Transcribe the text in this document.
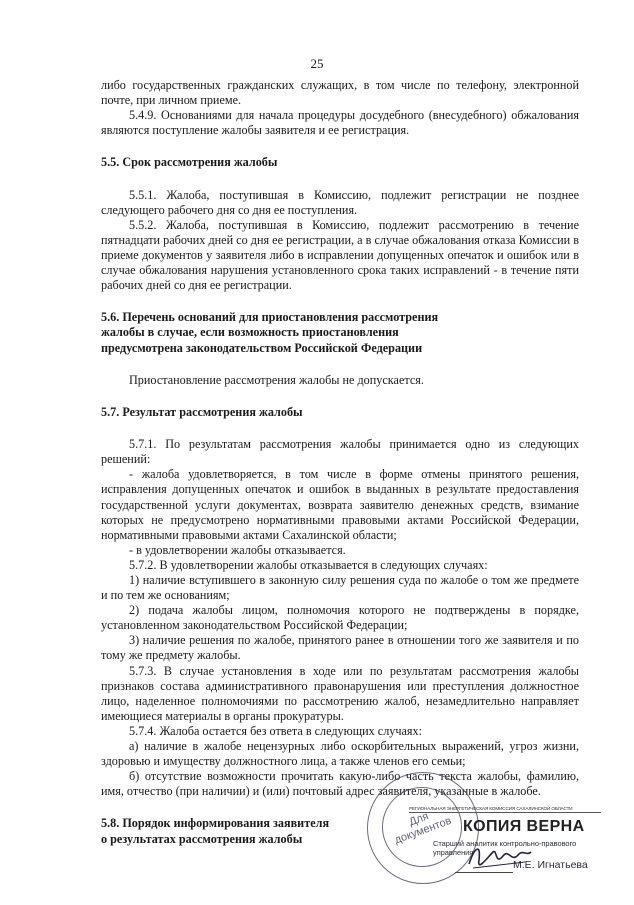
25

либо государственных гражданских служащих, в том числе по телефону, электронной почте, при личном приеме.

5.4.9. Основаниями для начала процедуры досудебного (внесудебного) обжалования являются поступление жалобы заявителя и ее регистрация.

5.5. Срок рассмотрения жалобы

5.5.1. Жалоба, поступившая в Комиссию, подлежит регистрации не позднее следующего рабочего дня со дня ее поступления.

5.5.2. Жалоба, поступившая в Комиссию, подлежит рассмотрению в течение пятнадцати рабочих дней со дня ее регистрации, а в случае обжалования отказа Комиссии в приеме документов у заявителя либо в исправлении допущенных опечаток и ошибок или в случае обжалования нарушения установленного срока таких исправлений - в течение пяти рабочих дней со дня ее регистрации.

5.6. Перечень оснований для приостановления рассмотрения

жалобы в случае, если возможность приостановления

предусмотрена законодательством Российской Федерации

Приостановление рассмотрения жалобы не допускается.

5.7. Результат рассмотрения жалобы

5.7.1. По результатам рассмотрения жалобы принимается одно из следующих решений:

- жалоба удовлетворяется, в том числе в форме отмены принятого решения, исправления допущенных опечаток и ошибок в выданных в результате предоставления государственной услуги документах, возврата заявителю денежных средств, взимание которых не предусмотрено нормативными правовыми актами Российской Федерации, нормативными правовыми актами Сахалинской области;

- в удовлетворении жалобы отказывается.

5.7.2. В удовлетворении жалобы отказывается в следующих случаях:

1) наличие вступившего в законную силу решения суда по жалобе о том же предмете и по тем же основаниям;

2) подача жалобы лицом, полномочия которого не подтверждены в порядке, установленном законодательством Российской Федерации;

3) наличие решения по жалобе, принятого ранее в отношении того же заявителя и по тому же предмету жалобы.

5.7.3. В случае установления в ходе или по результатам рассмотрения жалобы признаков состава административного правонарушения или преступления должностное лицо, наделенное полномочиями по рассмотрению жалоб, незамедлительно направляет имеющиеся материалы в органы прокуратуры.

5.7.4. Жалоба остается без ответа в следующих случаях:

а) наличие в жалобе нецензурных либо оскорбительных выражений, угроз жизни, здоровью и имуществу должностного лица, а также членов его семьи;

б) отсутствие возможности прочитать какую-либо часть текста жалобы, фамилию, имя, отчество (при наличии) и (или) почтовый адрес заявителя, указанные в жалобе.

5.8. Порядок информирования заявителя

о результатах рассмотрения жалобы

Для документов
РЕГИОНАЛЬНАЯ ЭНЕРГЕТИЧЕСКАЯ КОМИССИЯ САХАЛИНСКОЙ ОБЛАСТИ
КОПИЯ ВЕРНА
Старший аналитик контрольно-правового управления
М.Е. Игнатьева
